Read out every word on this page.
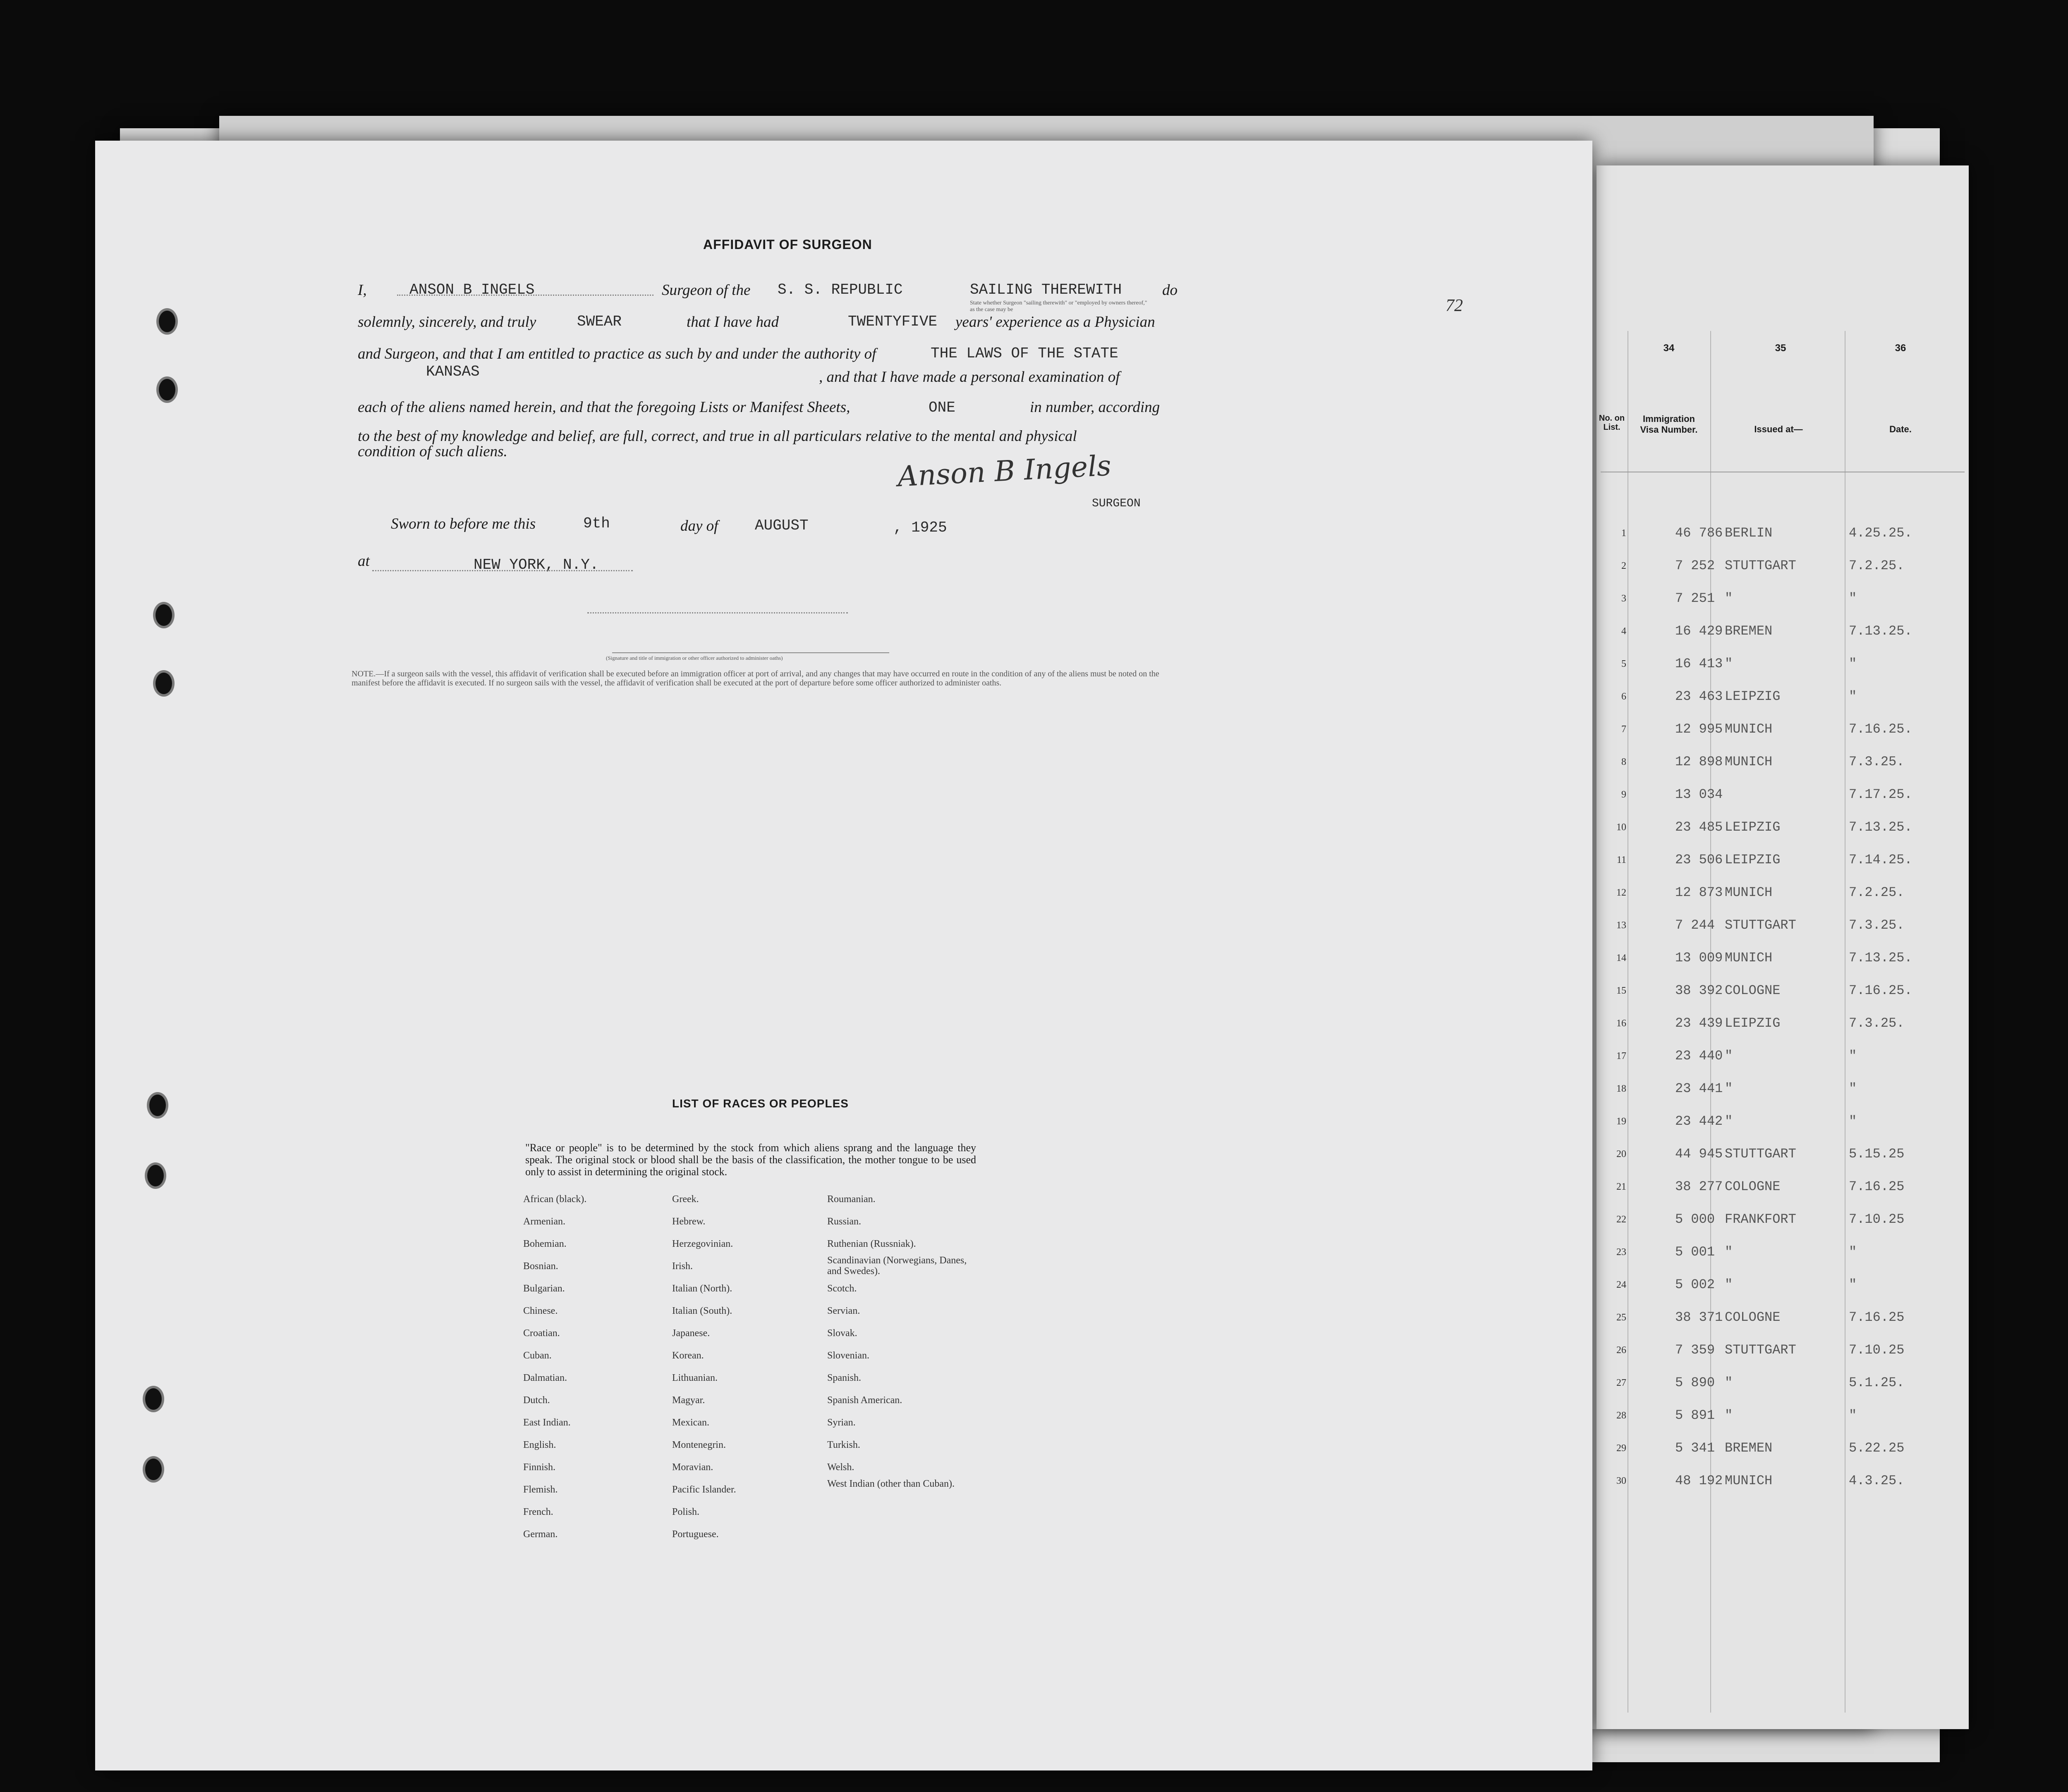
AFFIDAVIT OF SURGEON
I,	ANSON B INGELS	Surgeon of the S. S. REPUBLIC	SAILING THEREWITH	do
State whether Surgeon "sailing therewith" or "employed by owners thereof," as the case may be
solemnly, sincerely, and truly	SWEAR	that I have had	TWENTYFIVE years' experience as a Physician
and Surgeon, and that I am entitled to practice as such by and under the authority of	THE LAWS OF THE STATE
KANSAS	, and that I have made a personal examination of
each of the aliens named herein, and that the foregoing Lists or Manifest Sheets,	ONE	in number, according
to the best of my knowledge and belief, are full, correct, and true in all particulars relative to the mental and physical
condition of such aliens.	Anson B Ingels
SURGEON
Sworn to before me this	9th	day of AUGUST	, 1925
at	NEW YORK, N.Y.
(Signature and title of immigration or other officer authorized to administer oaths)
NOTE.—If a surgeon sails with the vessel, this affidavit of verification shall be executed before an immigration officer at port of arrival, and any changes that may have occurred en route in the condition of any of the aliens must be noted on the manifest before the affidavit is executed. If no surgeon sails with the vessel, the affidavit of verification shall be executed at the port of departure before some officer authorized to administer oaths.
72
LIST OF RACES OR PEOPLES
"Race or people" is to be determined by the stock from which aliens sprang and the language they speak. The original stock or blood shall be the basis of the classification, the mother tongue to be used only to assist in determining the original stock.
African (black).
Armenian.
Bohemian.
Bosnian.
Bulgarian.
Chinese.
Croatian.
Cuban.
Dalmatian.
Dutch.
East Indian.
English.
Finnish.
Flemish.
French.
German.
Greek.
Hebrew.
Herzegovinian.
Irish.
Italian (North).
Italian (South).
Japanese.
Korean.
Lithuanian.
Magyar.
Mexican.
Montenegrin.
Moravian.
Pacific Islander.
Polish.
Portuguese.
Roumanian.
Russian.
Ruthenian (Russniak).
Scandinavian (Norwegians, Danes, and Swedes).
Scotch.
Servian.
Slovak.
Slovenian.
Spanish.
Spanish American.
Syrian.
Turkish.
Welsh.
West Indian (other than Cuban).
34	35	36
No. on List.
Immigration Visa Number.	Issued at—	Date.
1	46 786 BERLIN	4.25.25.
2	7 252 STUTTGART	7.2.25.
3	7 251 "	"
4	16 429 BREMEN	7.13.25.
5	16 413 "	"
6	23 463 LEIPZIG	"
7	12 995 MUNICH	7.16.25.
8	12 898 MUNICH	7.3.25.
9	13 034	7.17.25.
10	23 485 LEIPZIG	7.13.25.
11	23 506 LEIPZIG	7.14.25.
12	12 873 MUNICH	7.2.25.
13	7 244 STUTTGART	7.3.25.
14	13 009 MUNICH	7.13.25.
15	38 392 COLOGNE	7.16.25.
16	23 439 LEIPZIG	7.3.25.
17	23 440 "	"
18	23 441 "	"
19	23 442 "	"
20	44 945 STUTTGART	5.15.25
21	38 277 COLOGNE	7.16.25
22	5 000 FRANKFORT	7.10.25
23	5 001 "	"
24	5 002 "	"
25	38 371 COLOGNE	7.16.25
26	7 359 STUTTGART	7.10.25
27	5 890 "	5.1.25.
28	5 891 "	"
29	5 341 BREMEN	5.22.25
30	48 192 MUNICH	4.3.25.
